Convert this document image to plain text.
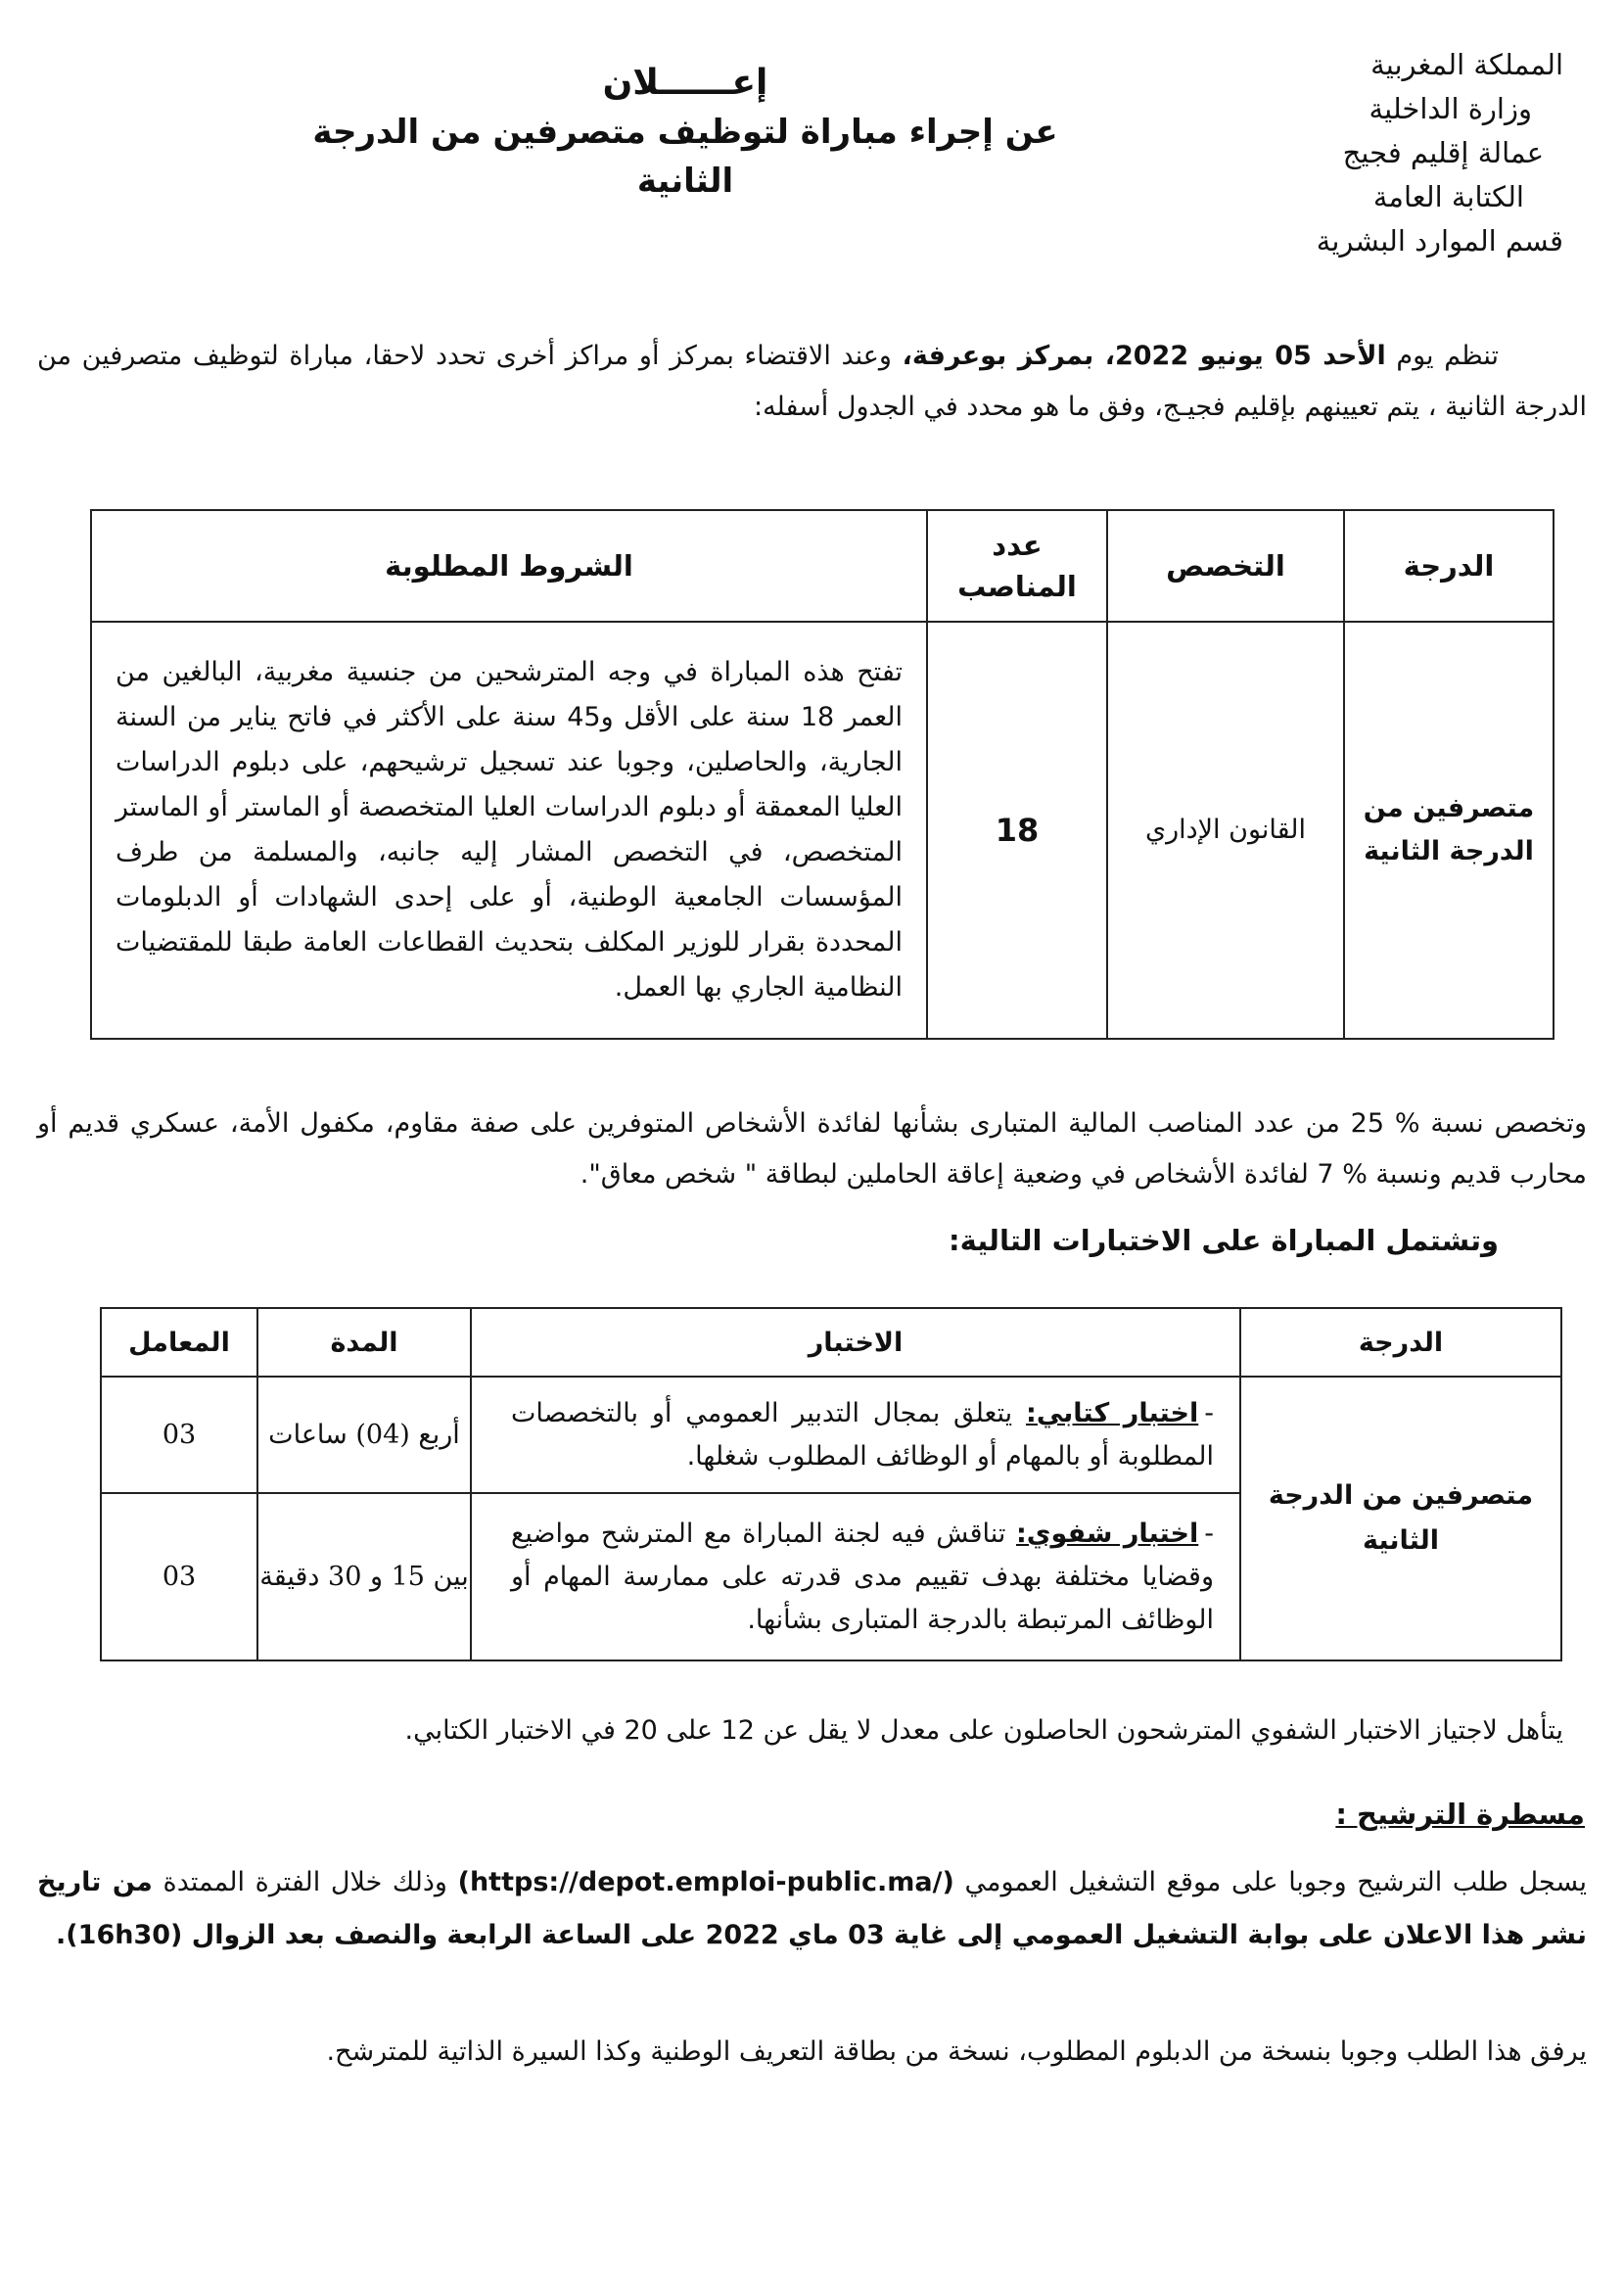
المملكة المغربية
وزارة الداخلية
عمالة إقليم فجيج
الكتابة العامة
قسم الموارد البشرية
إعــــــلان
عن إجراء مباراة لتوظيف متصرفين من الدرجة الثانية

تنظم يوم الأحد 05 يونيو 2022، بمركز بوعرفة، وعند الاقتضاء بمركز أو مراكز أخرى تحدد لاحقا، مباراة لتوظيف متصرفين من الدرجة الثانية ، يتم تعيينهم بإقليم فجيـج، وفق ما هو محدد في الجدول أسفله:

الدرجة	التخصص	عدد المناصب	الشروط المطلوبة
متصرفين من الدرجة الثانية	القانون الإداري	18	تفتح هذه المباراة في وجه المترشحين من جنسية مغربية، البالغين من العمر 18 سنة على الأقل و45 سنة على الأكثر في فاتح يناير من السنة الجارية، والحاصلين، وجوبا عند تسجيل ترشيحهم، على دبلوم الدراسات العليا المعمقة أو دبلوم الدراسات العليا المتخصصة أو الماستر أو الماستر المتخصص، في التخصص المشار إليه جانبه، والمسلمة من طرف المؤسسات الجامعية الوطنية، أو على إحدى الشهادات أو الدبلومات المحددة بقرار للوزير المكلف بتحديث القطاعات العامة طبقا للمقتضيات النظامية الجاري بها العمل.

وتخصص نسبة % 25 من عدد المناصب المالية المتبارى بشأنها لفائدة الأشخاص المتوفرين على صفة مقاوم، مكفول الأمة، عسكري قديم أو محارب قديم ونسبة % 7 لفائدة الأشخاص في وضعية إعاقة الحاملين لبطاقة " شخص معاق".

وتشتمل المباراة على الاختبارات التالية:
الدرجة	الاختبار	المدة	المعامل
متصرفين من الدرجة الثانية	-اختبار كتابي: يتعلق بمجال التدبير العمومي أو بالتخصصات المطلوبة أو بالمهام أو الوظائف المطلوب شغلها.	أربع (04) ساعات	03
	-اختبار شفوي: تناقش فيه لجنة المباراة مع المترشح مواضيع وقضايا مختلفة بهدف تقييم مدى قدرته على ممارسة المهام أو الوظائف المرتبطة بالدرجة المتبارى بشأنها.	بين 15 و 30 دقيقة	03

يتأهل لاجتياز الاختبار الشفوي المترشحون الحاصلون على معدل لا يقل عن 12 على 20 في الاختبار الكتابي.

مسطرة الترشيح :

يسجل طلب الترشيح وجوبا على موقع التشغيل العمومي (https://depot.emploi-public.ma/) وذلك خلال الفترة الممتدة من تاريخ نشر هذا الاعلان على بوابة التشغيل العمومي إلى غاية 03 ماي 2022 على الساعة الرابعة والنصف بعد الزوال (16h30).

يرفق هذا الطلب وجوبا بنسخة من الدبلوم المطلوب، نسخة من بطاقة التعريف الوطنية وكذا السيرة الذاتية للمترشح.
